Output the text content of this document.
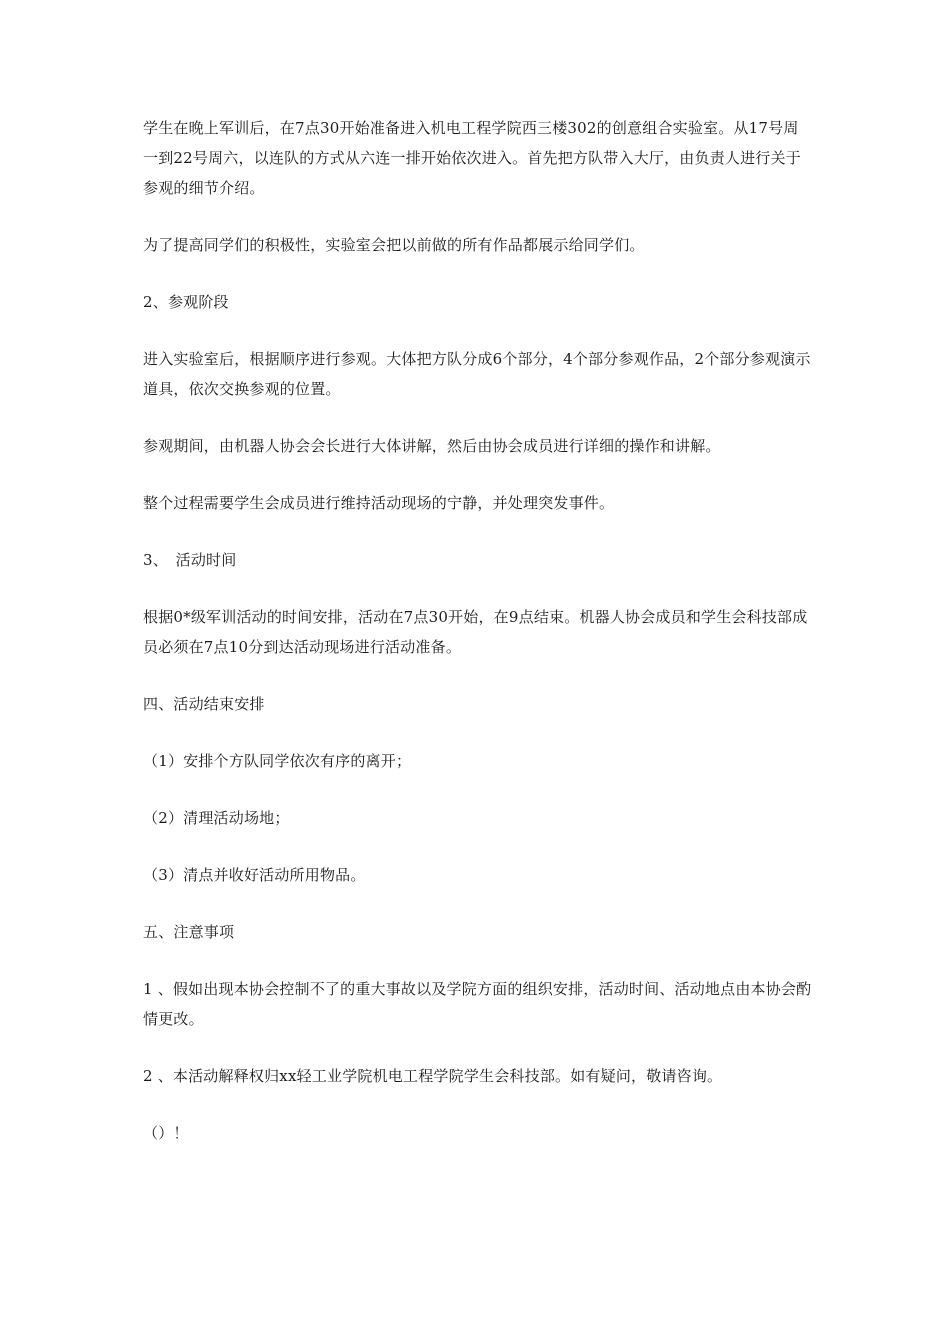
学生在晚上军训后，在7点30开始准备进入机电工程学院西三楼302的创意组合实验室。从17号周一到22号周六，以连队的方式从六连一排开始依次进入。首先把方队带入大厅，由负责人进行关于参观的细节介绍。

为了提高同学们的积极性，实验室会把以前做的所有作品都展示给同学们。

2、参观阶段

进入实验室后，根据顺序进行参观。大体把方队分成6个部分，4个部分参观作品，2个部分参观演示道具，依次交换参观的位置。

参观期间，由机器人协会会长进行大体讲解，然后由协会成员进行详细的操作和讲解。

整个过程需要学生会成员进行维持活动现场的宁静，并处理突发事件。

3、　活动时间

根据0*级军训活动的时间安排，活动在7点30开始，在9点结束。机器人协会成员和学生会科技部成员必须在7点10分到达活动现场进行活动准备。

四、活动结束安排

（1）安排个方队同学依次有序的离开；

（2）清理活动场地；

（3）清点并收好活动所用物品。

五、注意事项

1 、假如出现本协会控制不了的重大事故以及学院方面的组织安排，活动时间、活动地点由本协会酌情更改。

2 、本活动解释权归xx轻工业学院机电工程学院学生会科技部。如有疑问，敬请咨询。

（）！
